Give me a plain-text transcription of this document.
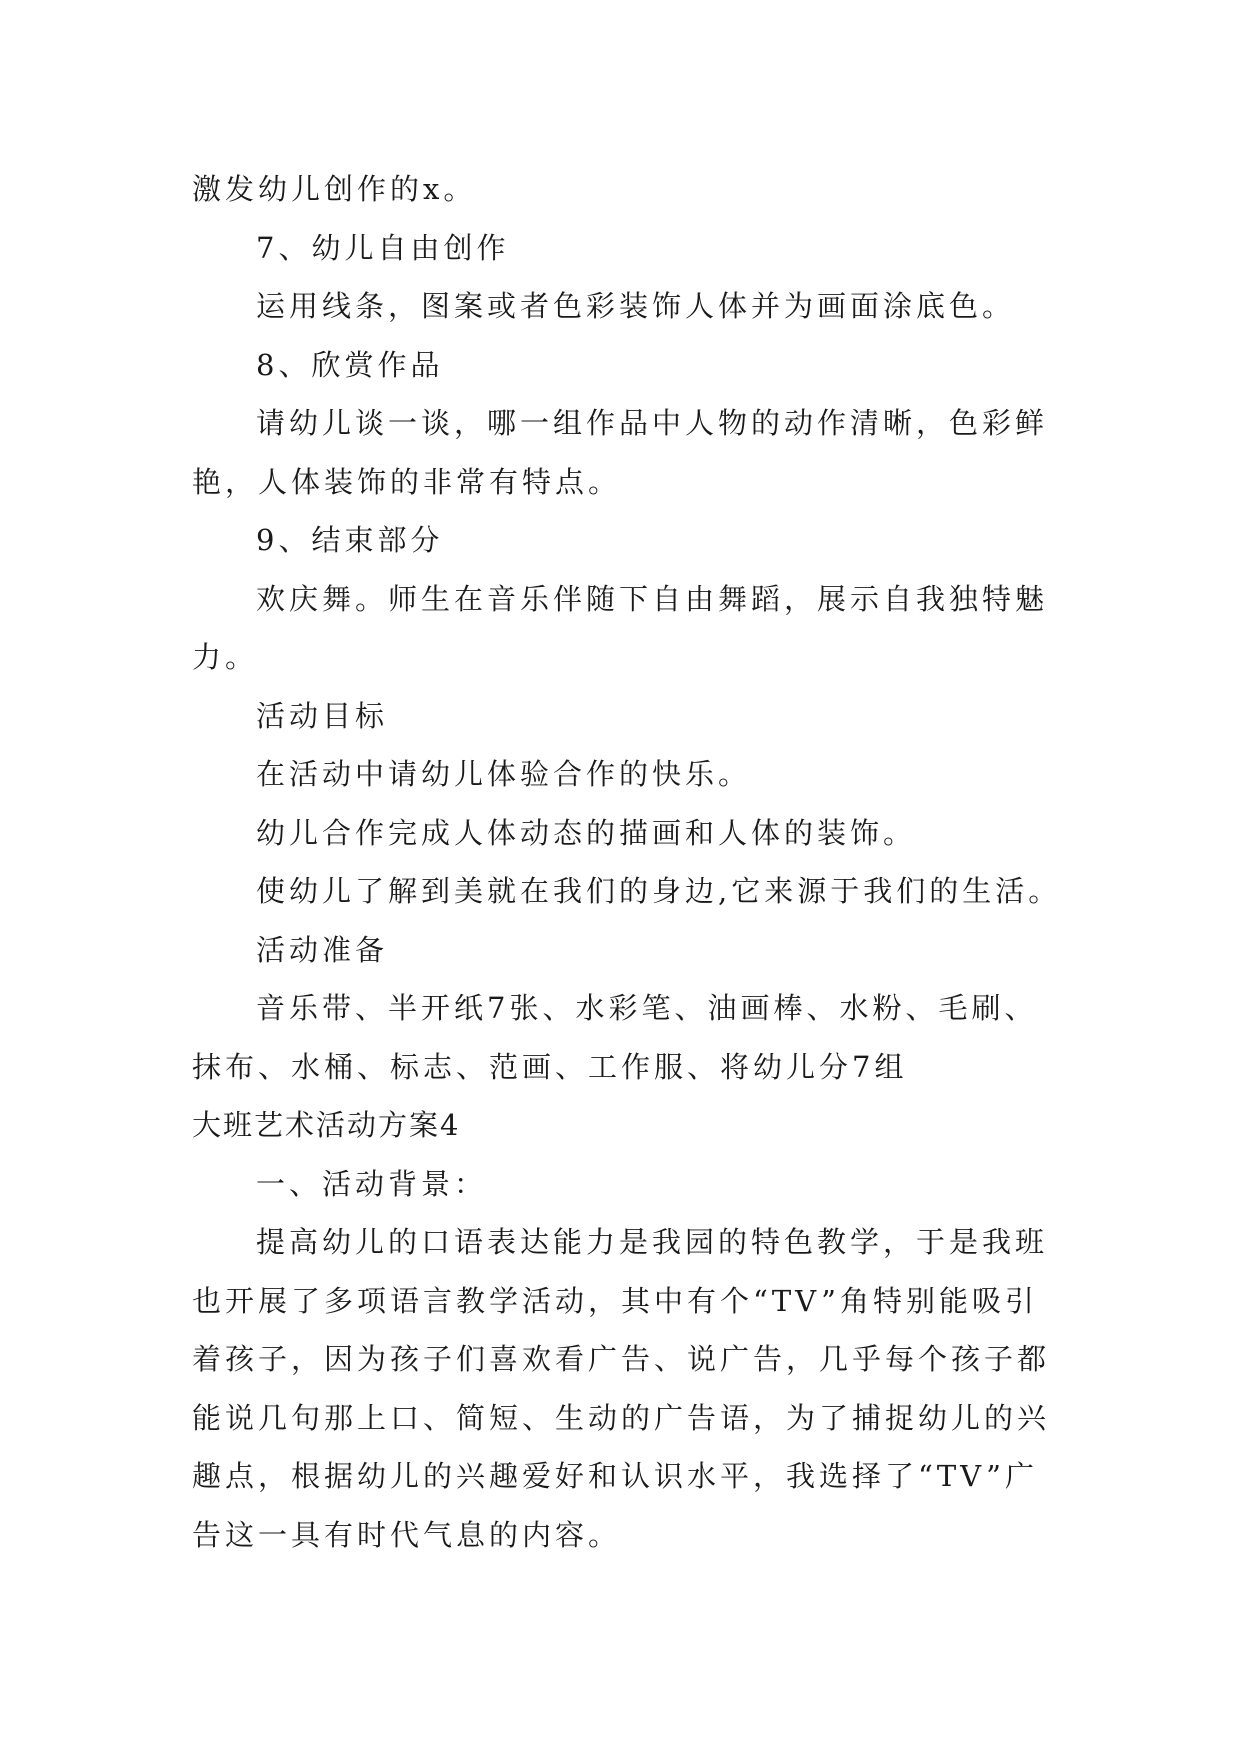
激发幼儿创作的x。
7、幼儿自由创作
运用线条，图案或者色彩装饰人体并为画面涂底色。
8、欣赏作品
请幼儿谈一谈，哪一组作品中人物的动作清晰，色彩鲜
艳，人体装饰的非常有特点。
9、结束部分
欢庆舞。师生在音乐伴随下自由舞蹈，展示自我独特魅
力。
活动目标
在活动中请幼儿体验合作的快乐。
幼儿合作完成人体动态的描画和人体的装饰。
使幼儿了解到美就在我们的身边,它来源于我们的生活。
活动准备
音乐带、半开纸7张、水彩笔、油画棒、水粉、毛刷、
抹布、水桶、标志、范画、工作服、将幼儿分7组
大班艺术活动方案4
一、活动背景：
提高幼儿的口语表达能力是我园的特色教学，于是我班
也开展了多项语言教学活动，其中有个“TV”角特别能吸引
着孩子，因为孩子们喜欢看广告、说广告，几乎每个孩子都
能说几句那上口、简短、生动的广告语，为了捕捉幼儿的兴
趣点，根据幼儿的兴趣爱好和认识水平，我选择了“TV”广
告这一具有时代气息的内容。
